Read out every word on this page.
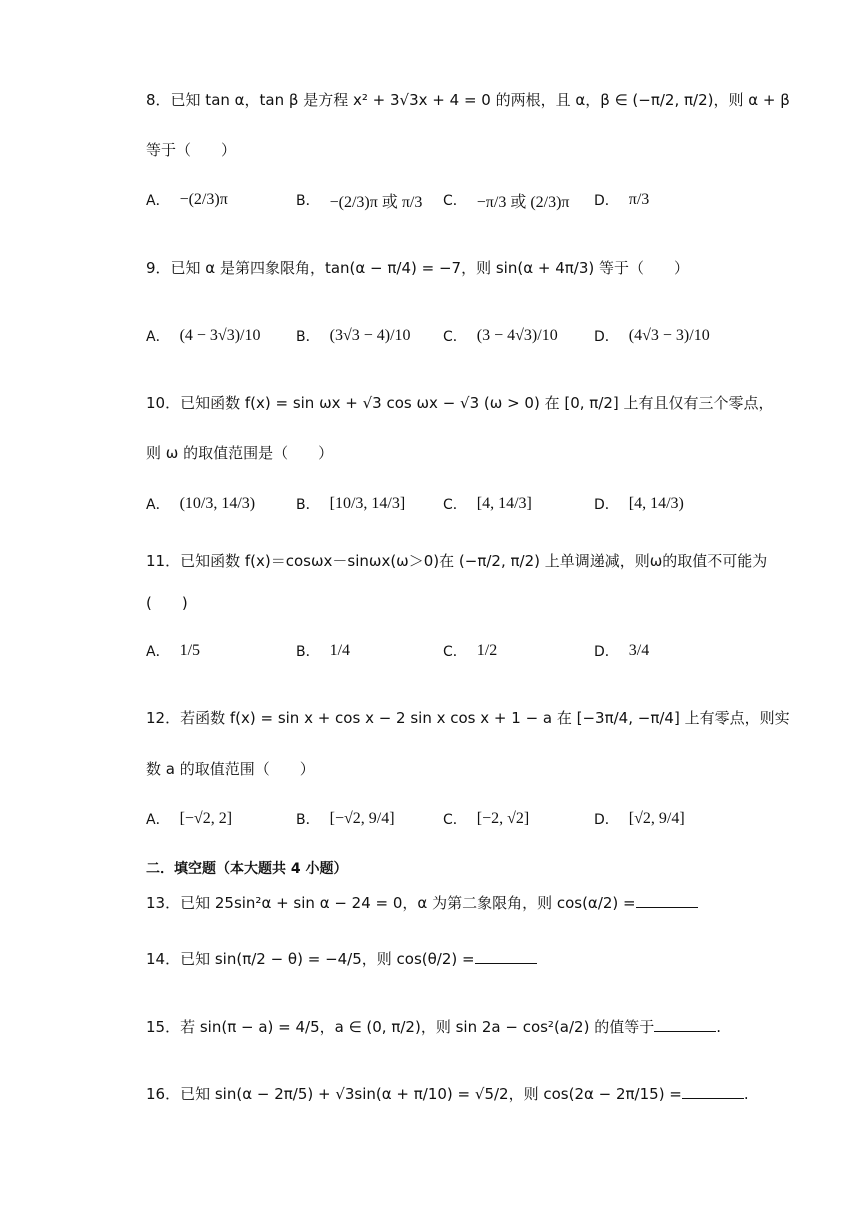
8．已知 tan α，tan β 是方程 x² + 3√3x + 4 = 0 的两根，且 α，β ∈ (−π/2, π/2)，则 α + β
等于（　　）
A． −(2/3)π	B． −(2/3)π 或 π/3 C． −π/3 或 (2/3)π D． π/3
9．已知 α 是第四象限角，tan(α − π/4) = −7，则 sin(α + 4π/3) 等于（　　）
A． (4 − 3√3)/10	B． (3√3 − 4)/10 C． (3 − 4√3)/10	D． (4√3 − 3)/10
10．已知函数 f(x) = sin ωx + √3 cos ωx − √3 (ω > 0) 在 [0, π/2] 上有且仅有三个零点，
则 ω 的取值范围是（　　）
A． (10/3, 14/3)	B． [10/3, 14/3]	C． [4, 14/3]	D． [4, 14/3)
11．已知函数 f(x)＝cosωx－sinωx(ω＞0)在 (−π/2, π/2) 上单调递减，则ω的取值不可能为
(　　)
A． 1/5	B． 1/4	C． 1/2	D． 3/4
12．若函数 f(x) = sin x + cos x − 2 sin x cos x + 1 − a 在 [−3π/4, −π/4] 上有零点，则实
数 a 的取值范围（　　）
A． [−√2, 2]	B． [−√2, 9/4]	C． [−2, √2]	D． [√2, 9/4]
二．填空题（本大题共 4 小题）
13．已知 25sin²α + sin α − 24 = 0，α 为第二象限角，则 cos(α/2) =
14．已知 sin(π/2 − θ) = −4/5，则 cos(θ/2) =
15．若 sin(π − a) = 4/5，a ∈ (0, π/2)，则 sin 2a − cos²(a/2) 的值等于	.
16．已知 sin(α − 2π/5) + √3sin(α + π/10) = √5/2，则 cos(2α − 2π/15) =	.
